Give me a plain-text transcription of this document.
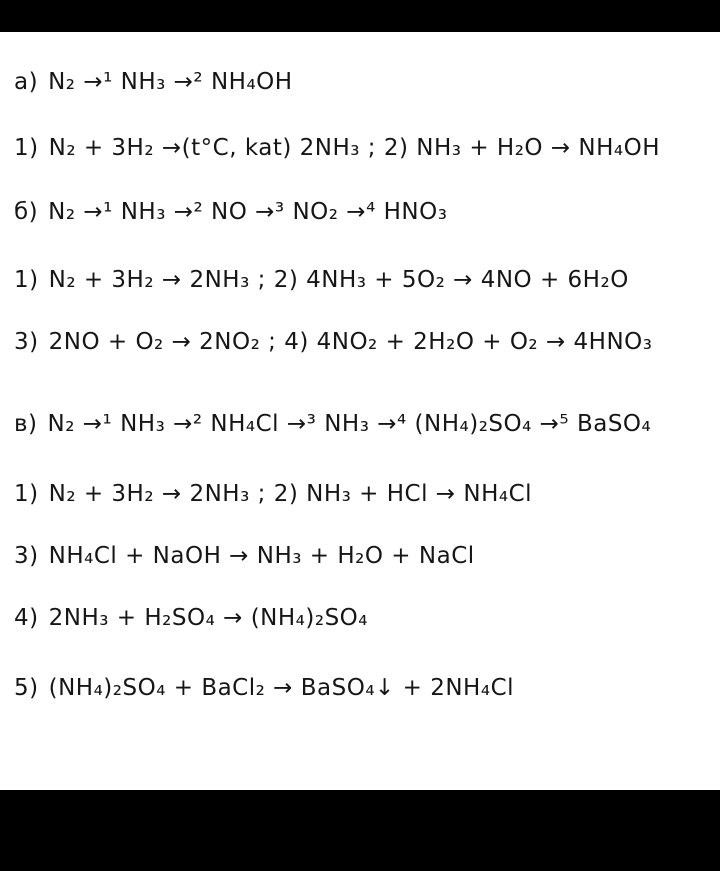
а) N₂ →¹ NH₃ →² NH₄OH
1) N₂ + 3H₂ →(t°C, kat) 2NH₃ ; 2) NH₃ + H₂O → NH₄OH
б) N₂ →¹ NH₃ →² NO →³ NO₂ →⁴ HNO₃
1) N₂ + 3H₂ → 2NH₃ ; 2) 4NH₃ + 5O₂ → 4NO + 6H₂O
3) 2NO + O₂ → 2NO₂ ; 4) 4NO₂ + 2H₂O + O₂ → 4HNO₃
в) N₂ →¹ NH₃ →² NH₄Cl →³ NH₃ →⁴ (NH₄)₂SO₄ →⁵ BaSO₄
1) N₂ + 3H₂ → 2NH₃ ; 2) NH₃ + HCl → NH₄Cl
3) NH₄Cl + NaOH → NH₃ + H₂O + NaCl
4) 2NH₃ + H₂SO₄ → (NH₄)₂SO₄
5) (NH₄)₂SO₄ + BaCl₂ → BaSO₄↓ + 2NH₄Cl
